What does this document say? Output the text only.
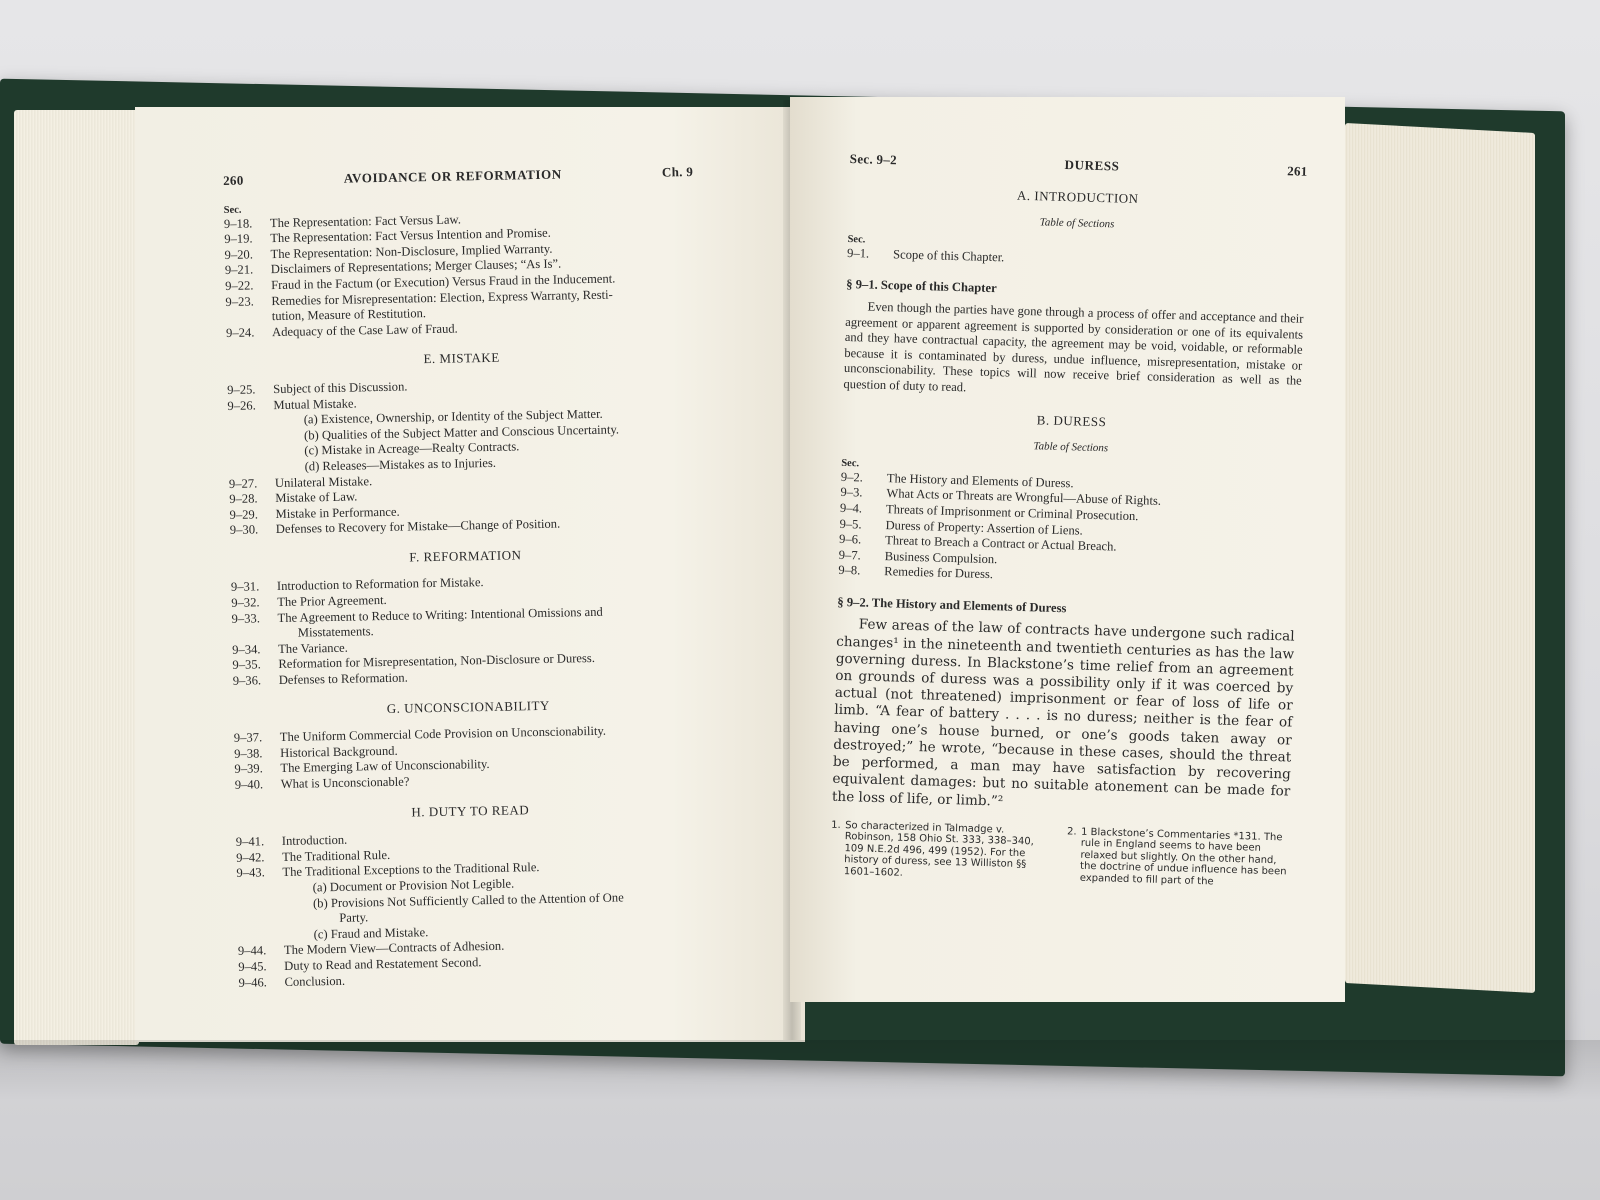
260	AVOIDANCE OR REFORMATION	Ch. 9
Sec.
9–18.	The Representation: Fact Versus Law.
9–19.	The Representation: Fact Versus Intention and Promise.
9–20.	The Representation: Non-Disclosure, Implied Warranty.
9–21.	Disclaimers of Representations; Merger Clauses; “As Is”.
9–22.	Fraud in the Factum (or Execution) Versus Fraud in the Inducement.
9–23.	Remedies for Misrepresentation: Election, Express Warranty, Resti-
tution, Measure of Restitution.
9–24.	Adequacy of the Case Law of Fraud.
E. MISTAKE
9–25.	Subject of this Discussion.
9–26.	Mutual Mistake.
(a) Existence, Ownership, or Identity of the Subject Matter.
(b) Qualities of the Subject Matter and Conscious Uncertainty.
(c) Mistake in Acreage—Realty Contracts.
(d) Releases—Mistakes as to Injuries.
9–27.	Unilateral Mistake.
9–28.	Mistake of Law.
9–29.	Mistake in Performance.
9–30.	Defenses to Recovery for Mistake—Change of Position.
F. REFORMATION
9–31.	Introduction to Reformation for Mistake.
9–32.	The Prior Agreement.
9–33.	The Agreement to Reduce to Writing: Intentional Omissions and
Misstatements.
9–34.	The Variance.
9–35.	Reformation for Misrepresentation, Non-Disclosure or Duress.
9–36.	Defenses to Reformation.
G. UNCONSCIONABILITY
9–37.	The Uniform Commercial Code Provision on Unconscionability.
9–38.	Historical Background.
9–39.	The Emerging Law of Unconscionability.
9–40.	What is Unconscionable?
H. DUTY TO READ
9–41.	Introduction.
9–42.	The Traditional Rule.
9–43.	The Traditional Exceptions to the Traditional Rule.
(a) Document or Provision Not Legible.
(b) Provisions Not Sufficiently Called to the Attention of One
Party.
(c) Fraud and Mistake.
9–44.	The Modern View—Contracts of Adhesion.
9–45.	Duty to Read and Restatement Second.
9–46.	Conclusion.
Sec. 9–2	DURESS	261
A. INTRODUCTION
Table of Sections
Sec.
9–1.	Scope of this Chapter.
§ 9–1. Scope of this Chapter

Even though the parties have gone through a process of offer and acceptance and their agreement or apparent agreement is supported by consideration or one of its equivalents and they have contractual capacity, the agreement may be void, voidable, or reformable because it is contaminated by duress, undue influence, misrepresentation, mistake or unconscionability. These topics will now receive brief consideration as well as the question of duty to read.

B. DURESS
Table of Sections
Sec.
9–2.	The History and Elements of Duress.
9–3.	What Acts or Threats are Wrongful—Abuse of Rights.
9–4.	Threats of Imprisonment or Criminal Prosecution.
9–5.	Duress of Property: Assertion of Liens.
9–6.	Threat to Breach a Contract or Actual Breach.
9–7.	Business Compulsion.
9–8.	Remedies for Duress.
§ 9–2. The History and Elements of Duress

Few areas of the law of contracts have undergone such radical changes¹ in the nineteenth and twentieth centuries as has the law governing duress. In Blackstone’s time relief from an agreement on grounds of duress was a possibility only if it was coerced by actual (not threatened) imprisonment or fear of loss of life or limb. “A fear of battery . . . . is no duress; neither is the fear of having one’s house burned, or one’s goods taken away or destroyed;” he wrote, “because in these cases, should the threat be performed, a man may have satisfaction by recovering equivalent damages: but no suitable atonement can be made for the loss of life, or limb.”²

1. So characterized in Talmadge v. Robinson, 158 Ohio St. 333, 338–340, 109 N.E.2d 496, 499 (1952). For the history of duress, see 13 Williston §§ 1601–1602.
2. 1 Blackstone’s Commentaries *131. The rule in England seems to have been relaxed but slightly. On the other hand, the doctrine of undue influence has been expanded to fill part of the
